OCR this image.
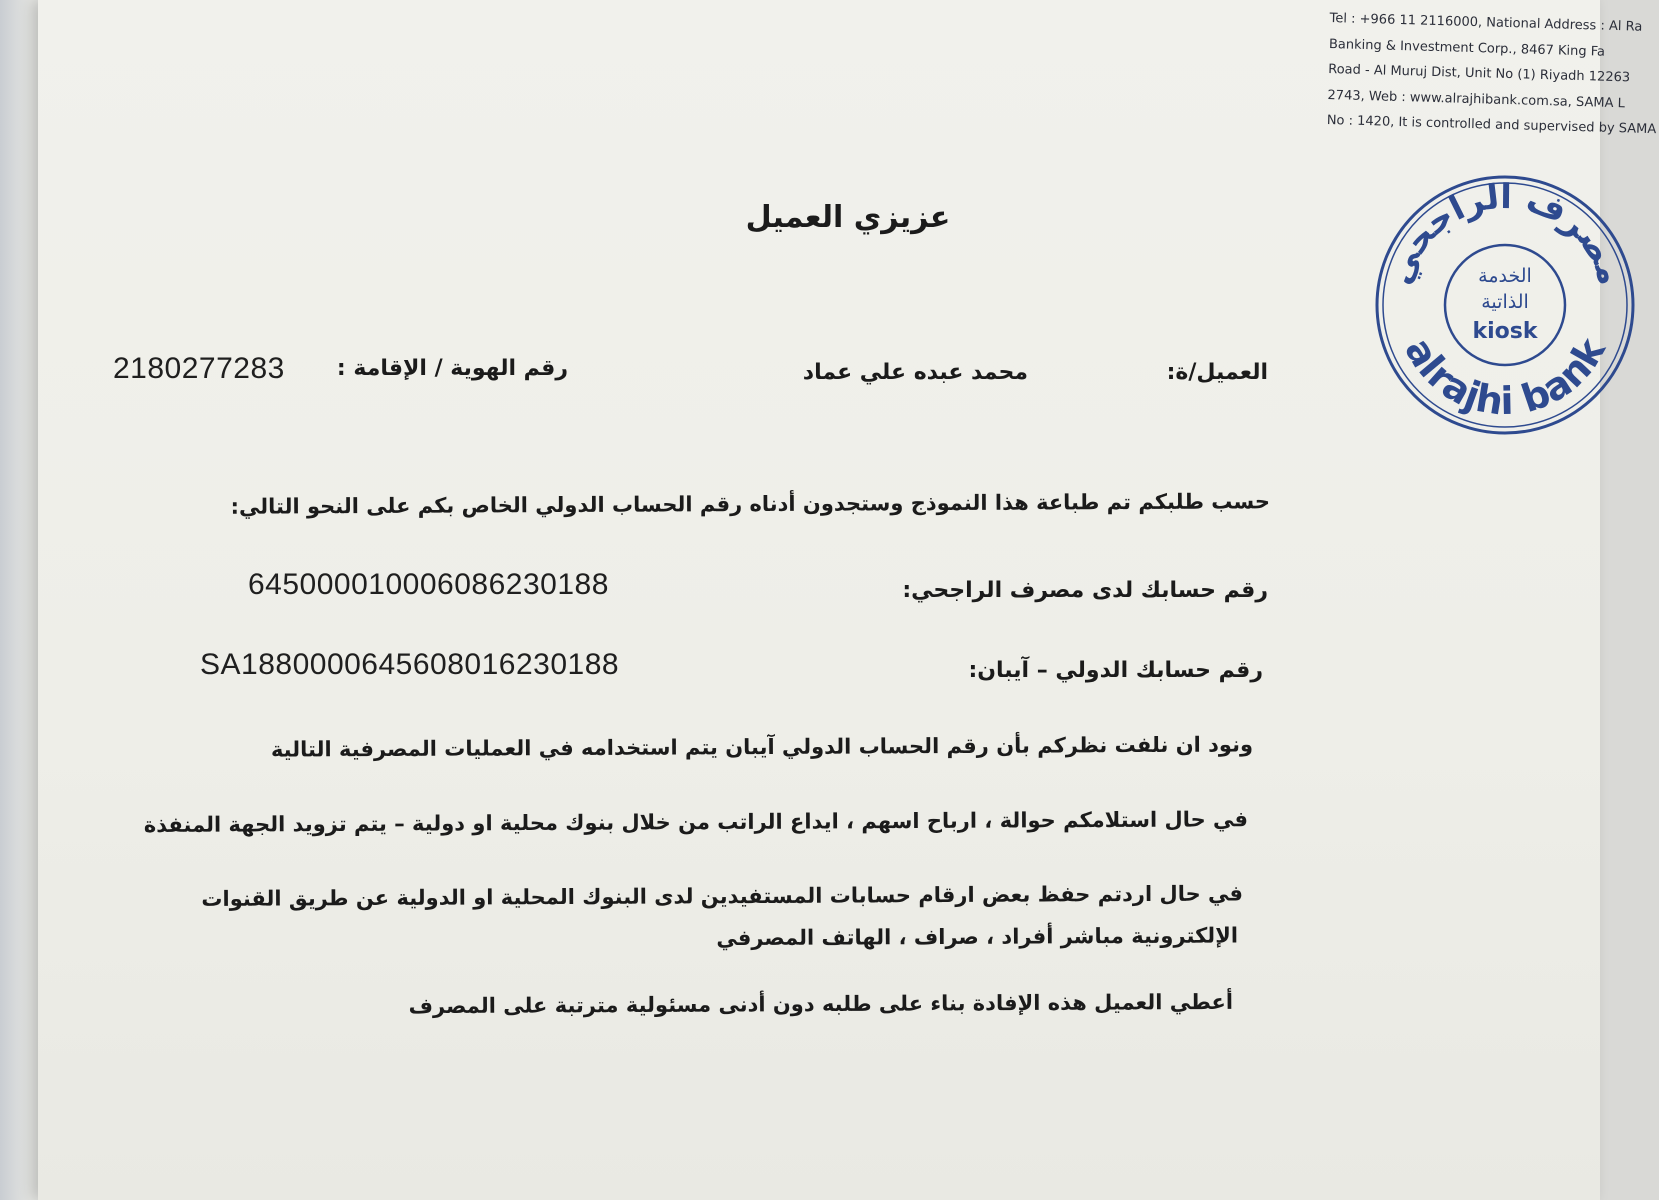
Tel : +966 11 2116000, National Address : Al Ra
Banking & Investment Corp., 8467 King Fa
Road - Al Muruj Dist, Unit No (1) Riyadh 12263
2743, Web : www.alrajhibank.com.sa, SAMA L
No : 1420, It is controlled and supervised by SAMA
مصرف الراجحي
alrajhi bank
الخدمة
الذاتية
kiosk
عزيزي العميل
العميل/ة:
محمد عبده علي عماد
رقم الهوية / الإقامة :
2180277283
حسب طلبكم تم طباعة هذا النموذج وستجدون أدناه رقم الحساب الدولي الخاص بكم على النحو التالي:
رقم حسابك لدى مصرف الراجحي:
645000010006086230188
رقم حسابك الدولي – آيبان:
SA1880000645608016230188
ونود ان نلفت نظركم بأن رقم الحساب الدولي آيبان يتم استخدامه في العمليات المصرفية التالية
في حال استلامكم حوالة ، ارباح اسهم ، ايداع الراتب من خلال بنوك محلية او دولية – يتم تزويد الجهة المنفذة
في حال اردتم حفظ بعض ارقام حسابات المستفيدين لدى البنوك المحلية او الدولية عن طريق القنوات
الإلكترونية مباشر أفراد ، صراف ، الهاتف المصرفي
أعطي العميل هذه الإفادة بناء على طلبه دون أدنى مسئولية مترتبة على المصرف
